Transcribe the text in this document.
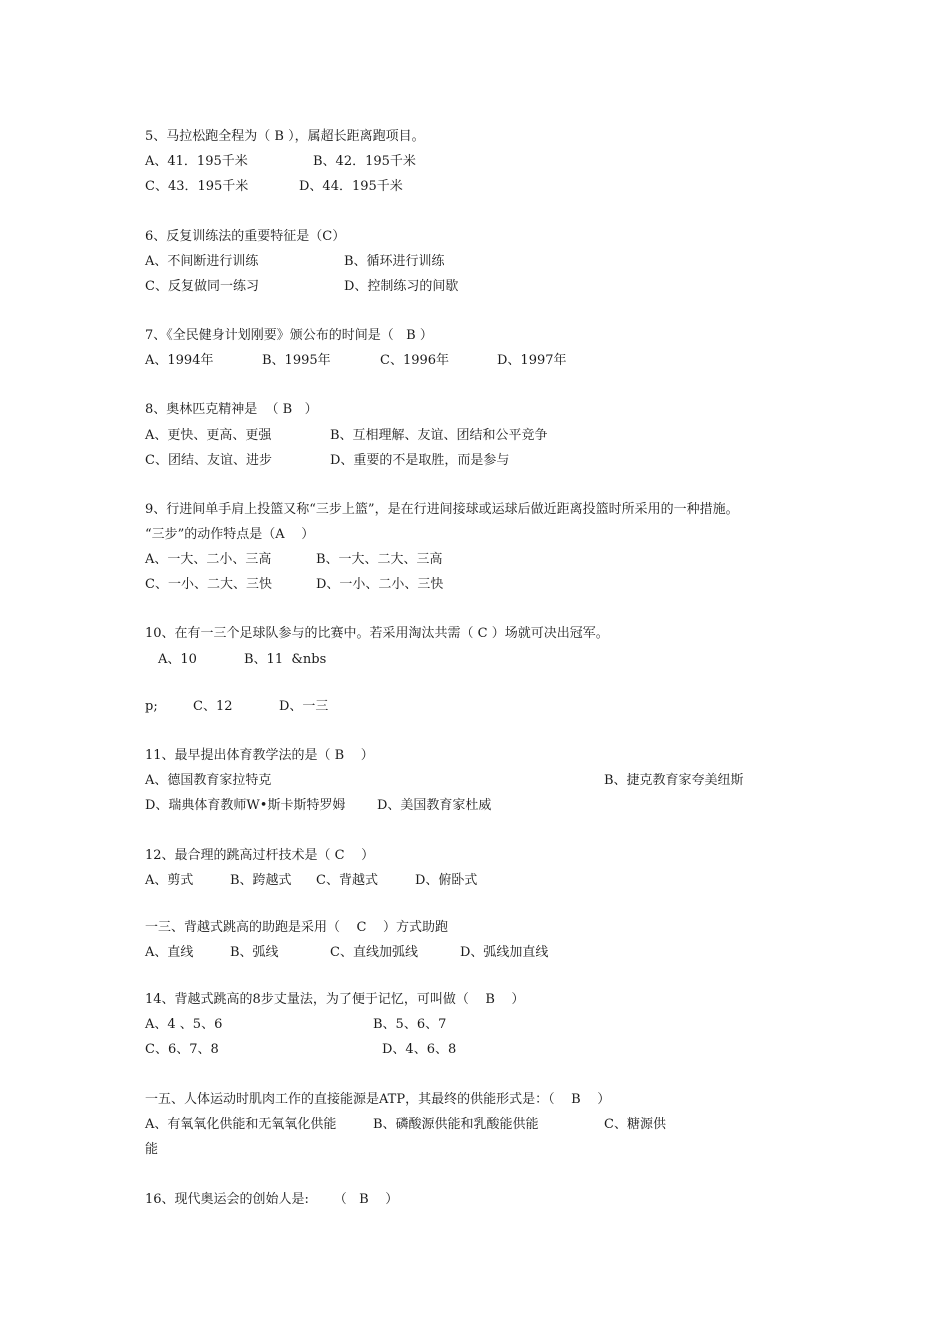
5、马拉松跑全程为（ B ），属超长距离跑项目。
A、41．195千米	B、42．195千米
C、43．195千米	D、44．195千米
6、反复训练法的重要特征是（C）
A、不间断进行训练	B、循环进行训练
C、反复做同一练习	D、控制练习的间歇
7、《全民健身计划刚要》颁公布的时间是（   B ）
A、1994年	B、1995年	C、1996年	D、1997年
8、奥林匹克精神是  （ B   ）
A、更快、更高、更强	B、互相理解、友谊、团结和公平竞争
C、团结、友谊、进步	D、重要的不是取胜，而是参与
9、行进间单手肩上投篮又称“三步上篮”，是在行进间接球或运球后做近距离投篮时所采用的一种措施。
“三步”的动作特点是（A    ）
A、一大、二小、三高	B、一大、二大、三高
C、一小、二大、三快	D、一小、二小、三快
10、在有一三个足球队参与的比赛中。若采用淘汰共需（ C ）场就可决出冠军。
A、10	B、11  &nbs
p;	C、12	D、一三
11、最早提出体育教学法的是（ B    ）
A、德国教育家拉特克	B、捷克教育家夸美纽斯
D、瑞典体育教师W•斯卡斯特罗姆 D、美国教育家杜威
12、最合理的跳高过杆技术是（ C    ）
A、剪式	B、跨越式 C、背越式	D、俯卧式
一三、背越式跳高的助跑是采用（    C    ）方式助跑
A、直线	B、弧线	C、直线加弧线	D、弧线加直线
14、背越式跳高的8步丈量法，为了便于记忆，可叫做（    B    ）
A、4 、5、6	B、5、6、7
C、6、7、8	D、4、6、8
一五、人体运动时肌肉工作的直接能源是ATP，其最终的供能形式是：（    B    ）
A、有氧氧化供能和无氧氧化供能	B、磷酸源供能和乳酸能供能	C、糖源供
能
16、现代奥运会的创始人是:      （   B    ）
